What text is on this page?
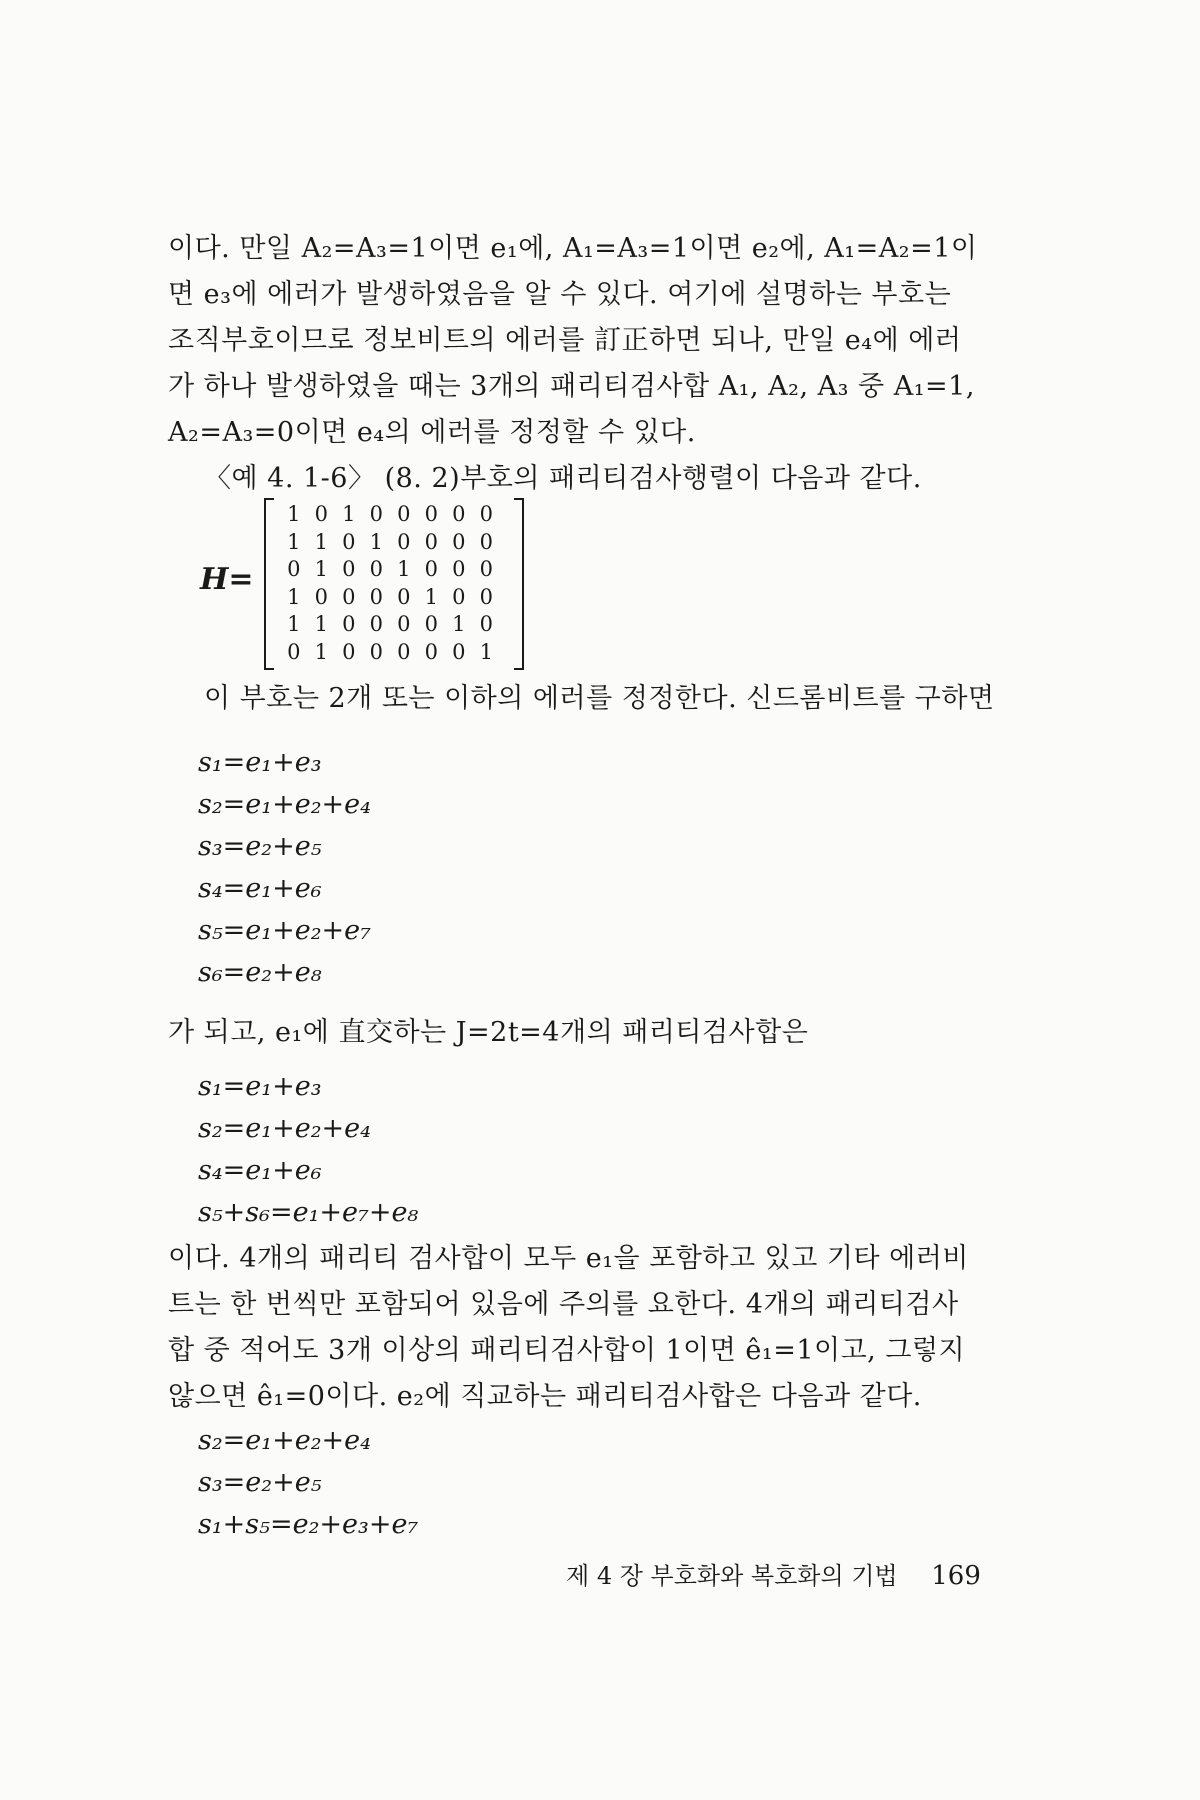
이다. 만일 A₂=A₃=1이면 e₁에, A₁=A₃=1이면 e₂에, A₁=A₂=1이
면 e₃에 에러가 발생하였음을 알 수 있다. 여기에 설명하는 부호는
조직부호이므로 정보비트의 에러를 訂正하면 되나, 만일 e₄에 에러
가 하나 발생하였을 때는 3개의 패리티검사합 A₁, A₂, A₃ 중 A₁=1,
A₂=A₃=0이면 e₄의 에러를 정정할 수 있다.
〈예 4. 1-6〉 (8. 2)부호의 패리티검사행렬이 다음과 같다.
H=
1 0 1 0 0 0 0 0
1 1 0 1 0 0 0 0
0 1 0 0 1 0 0 0
1 0 0 0 0 1 0 0
1 1 0 0 0 0 1 0
0 1 0 0 0 0 0 1
이 부호는 2개 또는 이하의 에러를 정정한다. 신드롬비트를 구하면
s₁=e₁+e₃
s₂=e₁+e₂+e₄
s₃=e₂+e₅
s₄=e₁+e₆
s₅=e₁+e₂+e₇
s₆=e₂+e₈
가 되고, e₁에 直交하는 J=2t=4개의 패리티검사합은
s₁=e₁+e₃
s₂=e₁+e₂+e₄
s₄=e₁+e₆
s₅+s₆=e₁+e₇+e₈
이다. 4개의 패리티 검사합이 모두 e₁을 포함하고 있고 기타 에러비
트는 한 번씩만 포함되어 있음에 주의를 요한다. 4개의 패리티검사
합 중 적어도 3개 이상의 패리티검사합이 1이면 ê₁=1이고, 그렇지
않으면 ê₁=0이다. e₂에 직교하는 패리티검사합은 다음과 같다.
s₂=e₁+e₂+e₄
s₃=e₂+e₅
s₁+s₅=e₂+e₃+e₇
제 4 장 부호화와 복호화의 기법 169
